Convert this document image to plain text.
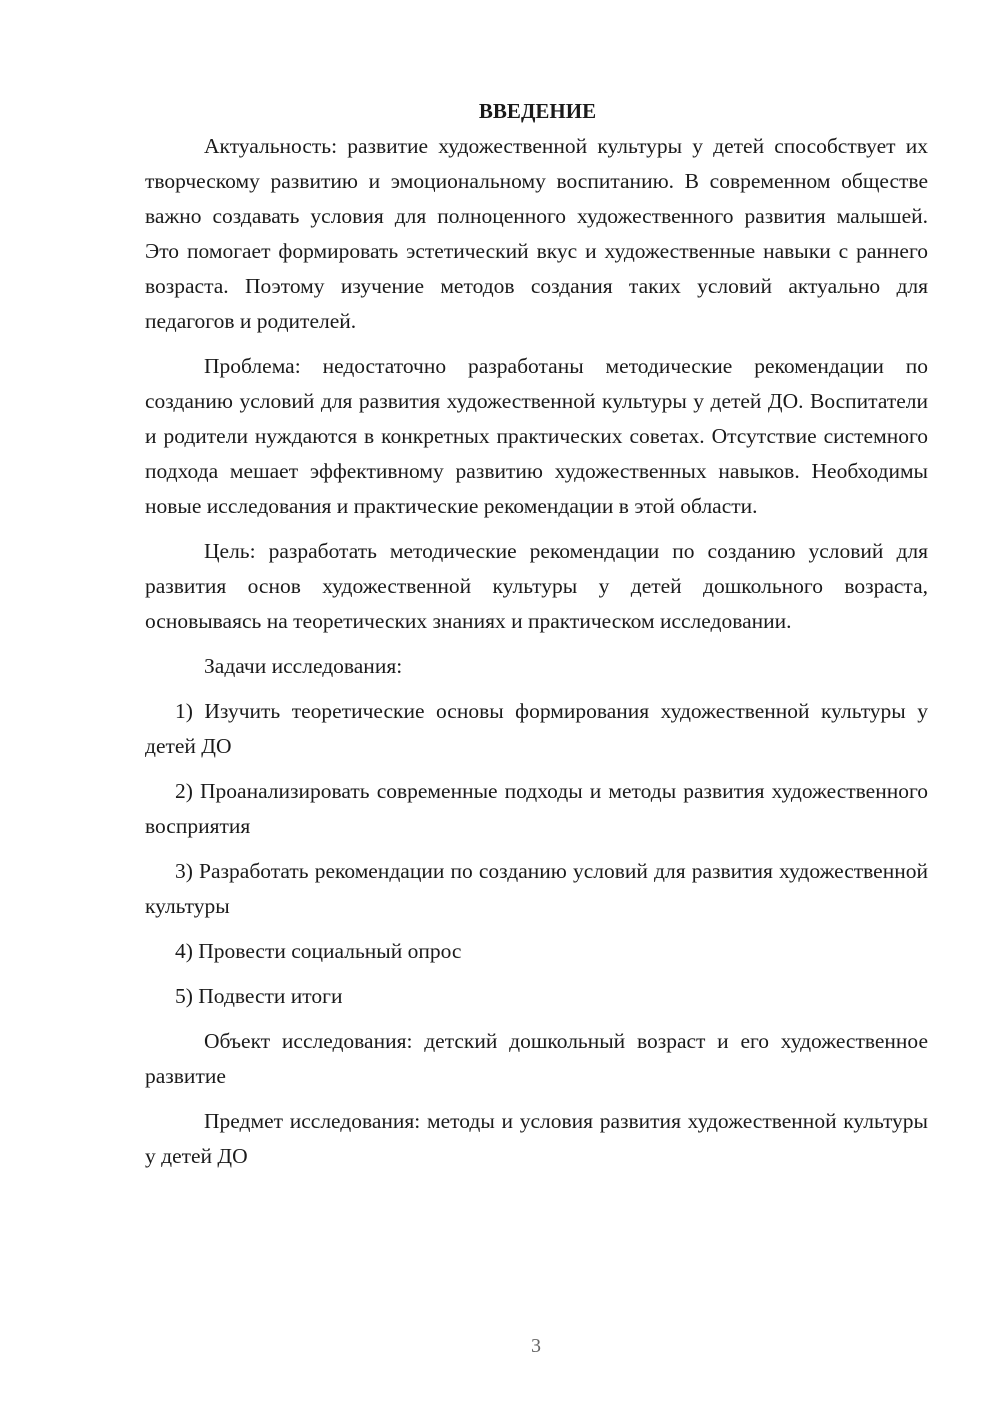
ВВЕДЕНИЕ

Актуальность: развитие художественной культуры у детей способствует их творческому развитию и эмоциональному воспитанию. В современном обществе важно создавать условия для полноценного художественного развития малышей. Это помогает формировать эстетический вкус и художественные навыки с раннего возраста. Поэтому изучение методов создания таких условий актуально для педагогов и родителей.

Проблема: недостаточно разработаны методические рекомендации по созданию условий для развития художественной культуры у детей ДО. Воспитатели и родители нуждаются в конкретных практических советах. Отсутствие системного подхода мешает эффективному развитию художественных навыков. Необходимы новые исследования и практические рекомендации в этой области.

Цель: разработать методические рекомендации по созданию условий для развития основ художественной культуры у детей дошкольного возраста, основываясь на теоретических знаниях и практическом исследовании.

Задачи исследования:

1) Изучить теоретические основы формирования художественной культуры у детей ДО

2) Проанализировать современные подходы и методы развития художественного восприятия

3) Разработать рекомендации по созданию условий для развития художественной культуры

4) Провести социальный опрос

5) Подвести итоги

Объект исследования: детский дошкольный возраст и его художественное развитие

Предмет исследования: методы и условия развития художественной культуры у детей ДО

3
